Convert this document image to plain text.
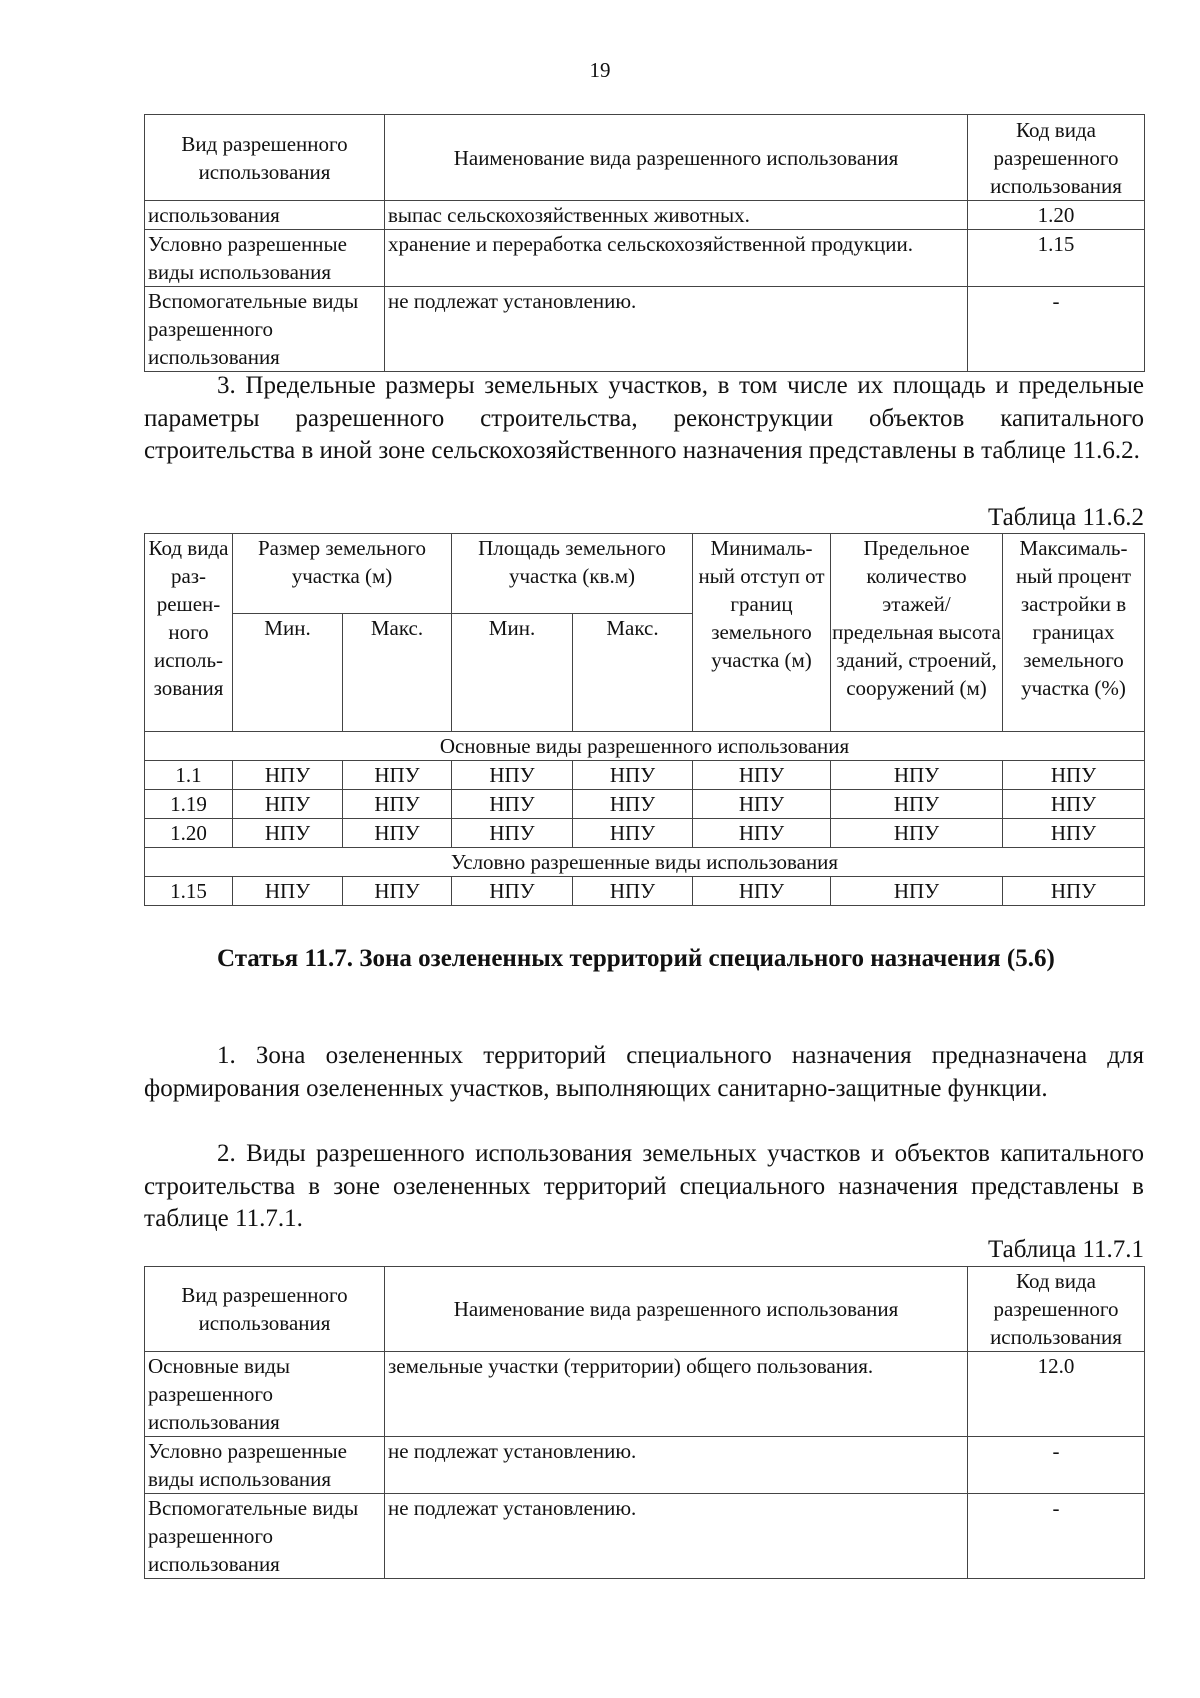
19
Вид разрешенного использования	Наименование вида разрешенного использования	Код вида разрешенного использования
использования	выпас сельскохозяйственных животных.	1.20
Условно разрешенные виды использования	хранение и переработка сельскохозяйственной продукции.	1.15
Вспомогательные виды разрешенного использования	не подлежат установлению.	-

3. Предельные размеры земельных участков, в том числе их площадь и предельные параметры разрешенного строительства, реконструкции объектов капитального строительства в иной зоне сельскохозяйственного назначения представлены в таблице 11.6.2.

Таблица 11.6.2
Код вида раз-решен-ного исполь-зования	Размер земельного участка (м)		Площадь земельного участка (кв.м)		Минималь-ный отступ от границ земельного участка (м)	Предельное количество этажей/ предельная высота зданий, строений, сооружений (м)	Максималь-ный процент застройки в границах земельного участка (%)
	Мин.	Макс.	Мин.	Макс.			
Основные виды разрешенного использования							
1.1	НПУ	НПУ	НПУ	НПУ	НПУ	НПУ	НПУ
1.19	НПУ	НПУ	НПУ	НПУ	НПУ	НПУ	НПУ
1.20	НПУ	НПУ	НПУ	НПУ	НПУ	НПУ	НПУ
Условно разрешенные виды использования							
1.15	НПУ	НПУ	НПУ	НПУ	НПУ	НПУ	НПУ
Статья 11.7. Зона озелененных территорий специального назначения (5.6)

1. Зона озелененных территорий специального назначения предназначена для формирования озелененных участков, выполняющих санитарно-защитные функции.

2. Виды разрешенного использования земельных участков и объектов капитального строительства в зоне озелененных территорий специального назначения представлены в таблице 11.7.1.

Таблица 11.7.1
Вид разрешенного использования	Наименование вида разрешенного использования	Код вида разрешенного использования
Основные виды разрешенного использования	земельные участки (территории) общего пользования.	12.0
Условно разрешенные виды использования	не подлежат установлению.	-
Вспомогательные виды разрешенного использования	не подлежат установлению.	-
